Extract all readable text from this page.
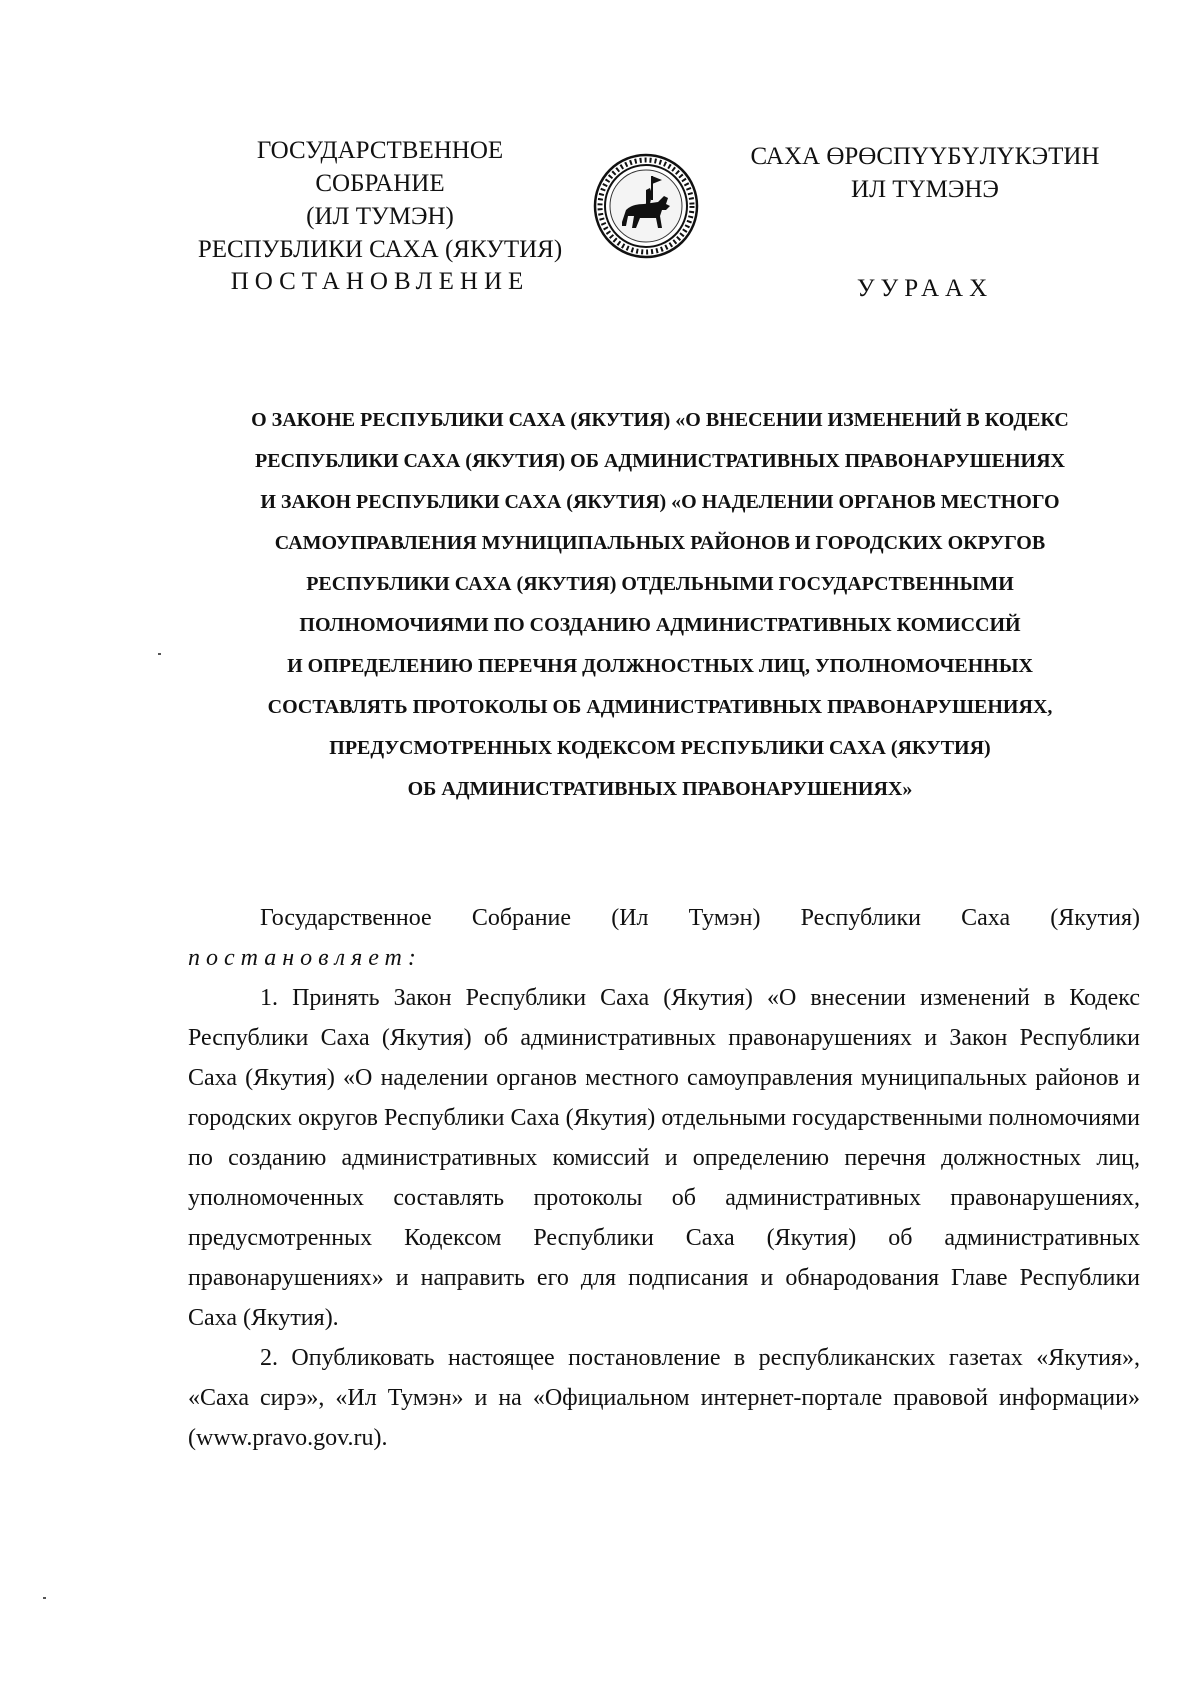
ГОСУДАРСТВЕННОЕ СОБРАНИЕ
(ИЛ ТУМЭН)
РЕСПУБЛИКИ САХА (ЯКУТИЯ)
САХА ӨРӨСПҮҮБҮЛҮКЭТИН
ИЛ ТҮМЭНЭ
ПОСТАНОВЛЕНИЕ	УУРААХ
О ЗАКОНЕ РЕСПУБЛИКИ САХА (ЯКУТИЯ) «О ВНЕСЕНИИ ИЗМЕНЕНИЙ В КОДЕКС
РЕСПУБЛИКИ САХА (ЯКУТИЯ) ОБ АДМИНИСТРАТИВНЫХ ПРАВОНАРУШЕНИЯХ
И ЗАКОН РЕСПУБЛИКИ САХА (ЯКУТИЯ) «О НАДЕЛЕНИИ ОРГАНОВ МЕСТНОГО
САМОУПРАВЛЕНИЯ МУНИЦИПАЛЬНЫХ РАЙОНОВ И ГОРОДСКИХ ОКРУГОВ
РЕСПУБЛИКИ САХА (ЯКУТИЯ) ОТДЕЛЬНЫМИ ГОСУДАРСТВЕННЫМИ
ПОЛНОМОЧИЯМИ ПО СОЗДАНИЮ АДМИНИСТРАТИВНЫХ КОМИССИЙ
И ОПРЕДЕЛЕНИЮ ПЕРЕЧНЯ ДОЛЖНОСТНЫХ ЛИЦ, УПОЛНОМОЧЕННЫХ
СОСТАВЛЯТЬ ПРОТОКОЛЫ ОБ АДМИНИСТРАТИВНЫХ ПРАВОНАРУШЕНИЯХ,
ПРЕДУСМОТРЕННЫХ КОДЕКСОМ РЕСПУБЛИКИ САХА (ЯКУТИЯ)
ОБ АДМИНИСТРАТИВНЫХ ПРАВОНАРУШЕНИЯХ»

Государственное Собрание (Ил Тумэн) Республики Саха (Якутия)

постановляет:

1. Принять Закон Республики Саха (Якутия) «О внесении изменений в Кодекс Республики Саха (Якутия) об административных правонарушениях и Закон Республики Саха (Якутия) «О наделении органов местного самоуправления муниципальных районов и городских округов Республики Саха (Якутия) отдельными государственными полномочиями по созданию административных комиссий и определению перечня должностных лиц, уполномоченных составлять протоколы об административных правонарушениях, предусмотренных Кодексом Республики Саха (Якутия) об административных правонарушениях» и направить его для подписания и обнародования Главе Республики Саха (Якутия).

2. Опубликовать настоящее постановление в республиканских газетах «Якутия», «Саха сирэ», «Ил Тумэн» и на «Официальном интернет-портале правовой информации» (www.pravo.gov.ru).
